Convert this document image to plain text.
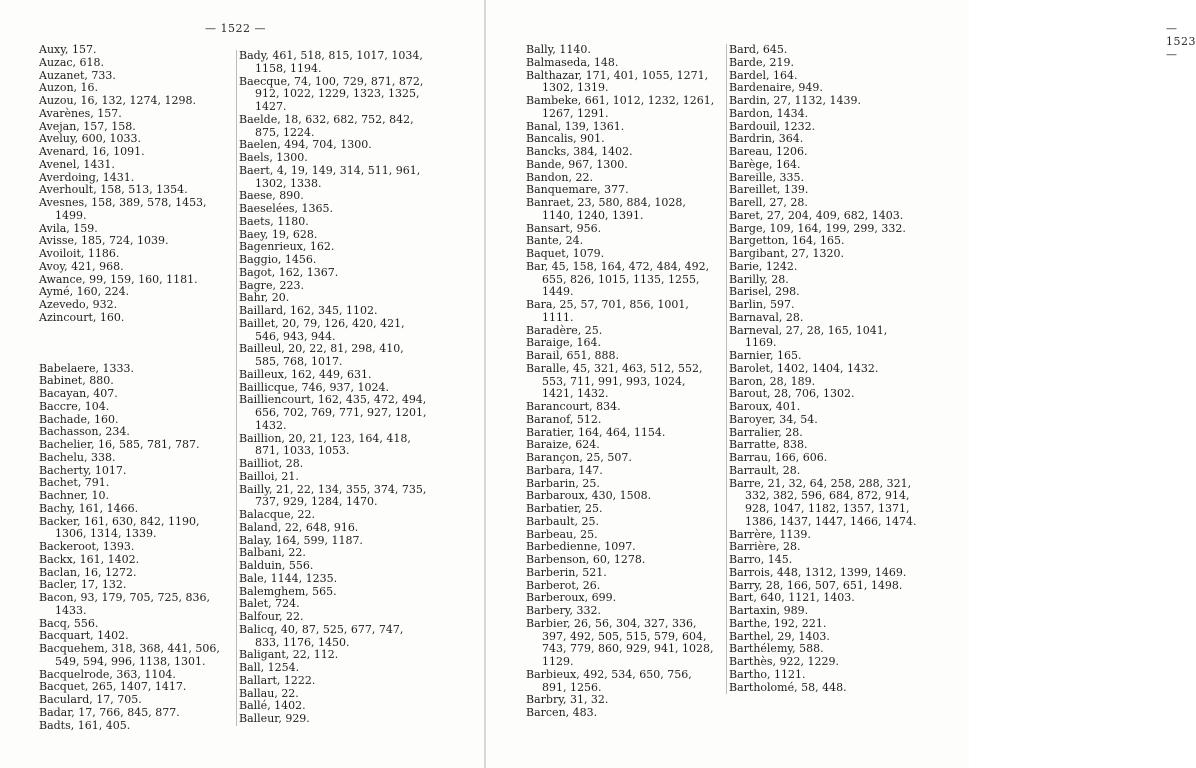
— 1522 —	— 1523 —
Auxy, 157.
Auzac, 618.
Auzanet, 733.
Auzon, 16.
Auzou, 16, 132, 1274, 1298.
Avarènes, 157.
Avejan, 157, 158.
Aveluy, 600, 1033.
Avenard, 16, 1091.
Avenel, 1431.
Averdoing, 1431.
Averhoult, 158, 513, 1354.
Avesnes, 158, 389, 578, 1453, 1499.
Avila, 159.
Avisse, 185, 724, 1039.
Avoiloit, 1186.
Avoy, 421, 968.
Awance, 99, 159, 160, 1181.
Aymé, 160, 224.
Azevedo, 932.
Azincourt, 160.
Babelaere, 1333.
Babinet, 880.
Bacayan, 407.
Baccre, 104.
Bachade, 160.
Bachasson, 234.
Bachelier, 16, 585, 781, 787.
Bachelu, 338.
Bacherty, 1017.
Bachet, 791.
Bachner, 10.
Bachy, 161, 1466.
Backer, 161, 630, 842, 1190, 1306, 1314, 1339.
Backeroot, 1393.
Backx, 161, 1402.
Baclan, 16, 1272.
Bacler, 17, 132.
Bacon, 93, 179, 705, 725, 836, 1433.
Bacq, 556.
Bacquart, 1402.
Bacquehem, 318, 368, 441, 506, 549, 594, 996, 1138, 1301.
Bacquelrode, 363, 1104.
Bacquet, 265, 1407, 1417.
Baculard, 17, 705.
Badar, 17, 766, 845, 877.
Badts, 161, 405.
Bady, 461, 518, 815, 1017, 1034, 1158, 1194.
Baecque, 74, 100, 729, 871, 872, 912, 1022, 1229, 1323, 1325, 1427.
Baelde, 18, 632, 682, 752, 842, 875, 1224.
Baelen, 494, 704, 1300.
Baels, 1300.
Baert, 4, 19, 149, 314, 511, 961, 1302, 1338.
Baese, 890.
Baeselées, 1365.
Baets, 1180.
Baey, 19, 628.
Bagenrieux, 162.
Baggio, 1456.
Bagot, 162, 1367.
Bagre, 223.
Bahr, 20.
Baillard, 162, 345, 1102.
Baillet, 20, 79, 126, 420, 421, 546, 943, 944.
Bailleul, 20, 22, 81, 298, 410, 585, 768, 1017.
Bailleux, 162, 449, 631.
Baillicque, 746, 937, 1024.
Bailliencourt, 162, 435, 472, 494, 656, 702, 769, 771, 927, 1201, 1432.
Baillion, 20, 21, 123, 164, 418, 871, 1033, 1053.
Bailliot, 28.
Bailloi, 21.
Bailly, 21, 22, 134, 355, 374, 735, 737, 929, 1284, 1470.
Balacque, 22.
Baland, 22, 648, 916.
Balay, 164, 599, 1187.
Balbani, 22.
Balduin, 556.
Bale, 1144, 1235.
Balemghem, 565.
Balet, 724.
Balfour, 22.
Balicq, 40, 87, 525, 677, 747, 833, 1176, 1450.
Baligant, 22, 112.
Ball, 1254.
Ballart, 1222.
Ballau, 22.
Ballé, 1402.
Balleur, 929.
Bally, 1140.
Balmaseda, 148.
Balthazar, 171, 401, 1055, 1271, 1302, 1319.
Bambeke, 661, 1012, 1232, 1261, 1267, 1291.
Banal, 139, 1361.
Bancalis, 901.
Bancks, 384, 1402.
Bande, 967, 1300.
Bandon, 22.
Banquemare, 377.
Banraet, 23, 580, 884, 1028, 1140, 1240, 1391.
Bansart, 956.
Bante, 24.
Baquet, 1079.
Bar, 45, 158, 164, 472, 484, 492, 655, 826, 1015, 1135, 1255, 1449.
Bara, 25, 57, 701, 856, 1001, 1111.
Baradère, 25.
Baraige, 164.
Barail, 651, 888.
Baralle, 45, 321, 463, 512, 552, 553, 711, 991, 993, 1024, 1421, 1432.
Barancourt, 834.
Baranof, 512.
Baratier, 164, 464, 1154.
Baraize, 624.
Barançon, 25, 507.
Barbara, 147.
Barbarin, 25.
Barbaroux, 430, 1508.
Barbatier, 25.
Barbault, 25.
Barbeau, 25.
Barbedienne, 1097.
Barbenson, 60, 1278.
Barberin, 521.
Barberot, 26.
Barberoux, 699.
Barbery, 332.
Barbier, 26, 56, 304, 327, 336, 397, 492, 505, 515, 579, 604, 743, 779, 860, 929, 941, 1028, 1129.
Barbieux, 492, 534, 650, 756, 891, 1256.
Barbry, 31, 32.
Barcen, 483.
Bard, 645.
Barde, 219.
Bardel, 164.
Bardenaire, 949.
Bardin, 27, 1132, 1439.
Bardon, 1434.
Bardouil, 1232.
Bardrin, 364.
Bareau, 1206.
Barège, 164.
Bareille, 335.
Bareillet, 139.
Barell, 27, 28.
Baret, 27, 204, 409, 682, 1403.
Barge, 109, 164, 199, 299, 332.
Bargetton, 164, 165.
Bargibant, 27, 1320.
Barie, 1242.
Barilly, 28.
Barisel, 298.
Barlin, 597.
Barnaval, 28.
Barneval, 27, 28, 165, 1041, 1169.
Barnier, 165.
Barolet, 1402, 1404, 1432.
Baron, 28, 189.
Barout, 28, 706, 1302.
Baroux, 401.
Baroyer, 34, 54.
Barralier, 28.
Barratte, 838.
Barrau, 166, 606.
Barrault, 28.
Barre, 21, 32, 64, 258, 288, 321, 332, 382, 596, 684, 872, 914, 928, 1047, 1182, 1357, 1371, 1386, 1437, 1447, 1466, 1474.
Barrère, 1139.
Barrière, 28.
Barro, 145.
Barrois, 448, 1312, 1399, 1469.
Barry, 28, 166, 507, 651, 1498.
Bart, 640, 1121, 1403.
Bartaxin, 989.
Barthe, 192, 221.
Barthel, 29, 1403.
Barthélemy, 588.
Barthès, 922, 1229.
Bartho, 1121.
Bartholomé, 58, 448.
